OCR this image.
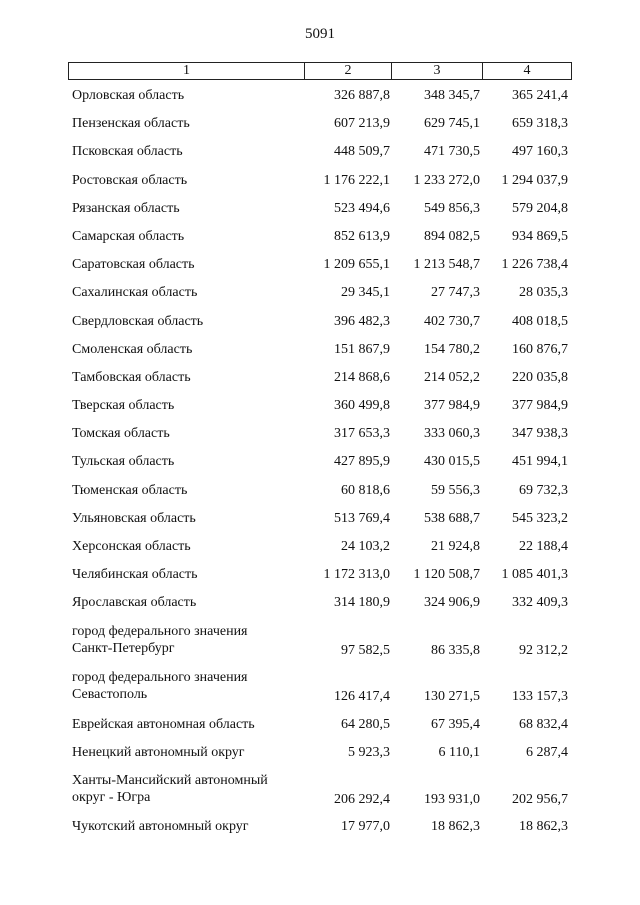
5091
1	2	3	4
Орловская область	326 887,8	348 345,7	365 241,4
Пензенская область	607 213,9	629 745,1	659 318,3
Псковская область	448 509,7	471 730,5	497 160,3
Ростовская область	1 176 222,1	1 233 272,0	1 294 037,9
Рязанская область	523 494,6	549 856,3	579 204,8
Самарская область	852 613,9	894 082,5	934 869,5
Саратовская область	1 209 655,1	1 213 548,7	1 226 738,4
Сахалинская область	29 345,1	27 747,3	28 035,3
Свердловская область	396 482,3	402 730,7	408 018,5
Смоленская область	151 867,9	154 780,2	160 876,7
Тамбовская область	214 868,6	214 052,2	220 035,8
Тверская область	360 499,8	377 984,9	377 984,9
Томская область	317 653,3	333 060,3	347 938,3
Тульская область	427 895,9	430 015,5	451 994,1
Тюменская область	60 818,6	59 556,3	69 732,3
Ульяновская область	513 769,4	538 688,7	545 323,2
Херсонская область	24 103,2	21 924,8	22 188,4
Челябинская область	1 172 313,0	1 120 508,7	1 085 401,3
Ярославская область	314 180,9	324 906,9	332 409,3
город федерального значения
Санкт-Петербург	97 582,5	86 335,8	92 312,2
город федерального значения
Севастополь	126 417,4	130 271,5	133 157,3
Еврейская автономная область	64 280,5	67 395,4	68 832,4
Ненецкий автономный округ	5 923,3	6 110,1	6 287,4
Ханты-Мансийский автономный
округ - Югра	206 292,4	193 931,0	202 956,7
Чукотский автономный округ	17 977,0	18 862,3	18 862,3
